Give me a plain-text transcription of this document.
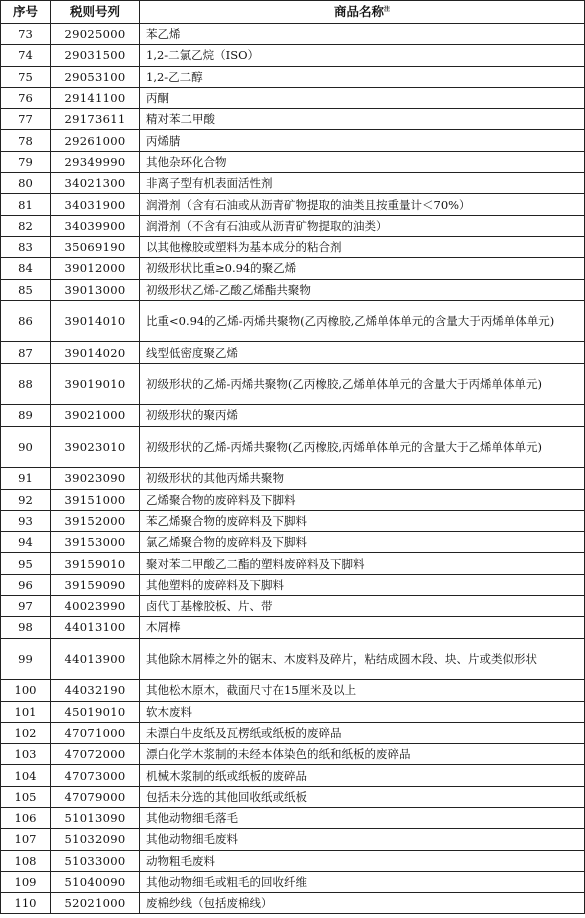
序号	税则号列	商品名称$^注$
73	29025000	苯乙烯
74	29031500	1,2-二氯乙烷（ISO）
75	29053100	1,2-乙二醇
76	29141100	丙酮
77	29173611	精对苯二甲酸
78	29261000	丙烯腈
79	29349990	其他杂环化合物
80	34021300	非离子型有机表面活性剂
81	34031900	润滑剂（含有石油或从沥青矿物提取的油类且按重量计＜70%）
82	34039900	润滑剂（不含有石油或从沥青矿物提取的油类）
83	35069190	以其他橡胶或塑料为基本成分的粘合剂
84	39012000	初级形状比重≥0.94的聚乙烯
85	39013000	初级形状乙烯-乙酸乙烯酯共聚物
86	39014010	比重<0.94的乙烯-丙烯共聚物(乙丙橡胶,乙烯单体单元的含量大于丙烯单体单元)
87	39014020	线型低密度聚乙烯
88	39019010	初级形状的乙烯-丙烯共聚物(乙丙橡胶,乙烯单体单元的含量大于丙烯单体单元)
89	39021000	初级形状的聚丙烯
90	39023010	初级形状的乙烯-丙烯共聚物(乙丙橡胶,丙烯单体单元的含量大于乙烯单体单元)
91	39023090	初级形状的其他丙烯共聚物
92	39151000	乙烯聚合物的废碎料及下脚料
93	39152000	苯乙烯聚合物的废碎料及下脚料
94	39153000	氯乙烯聚合物的废碎料及下脚料
95	39159010	聚对苯二甲酸乙二酯的塑料废碎料及下脚料
96	39159090	其他塑料的废碎料及下脚料
97	40023990	卤代丁基橡胶板、片、带
98	44013100	木屑棒
99	44013900	其他除木屑棒之外的锯末、木废料及碎片，粘结成圆木段、块、片或类似形状
100	44032190	其他松木原木，截面尺寸在15厘米及以上
101	45019010	软木废料
102	47071000	未漂白牛皮纸及瓦楞纸或纸板的废碎品
103	47072000	漂白化学木浆制的未经本体染色的纸和纸板的废碎品
104	47073000	机械木浆制的纸或纸板的废碎品
105	47079000	包括未分选的其他回收纸或纸板
106	51013090	其他动物细毛落毛
107	51032090	其他动物细毛废料
108	51033000	动物粗毛废料
109	51040090	其他动物细毛或粗毛的回收纤维
110	52021000	废棉纱线（包括废棉线）
